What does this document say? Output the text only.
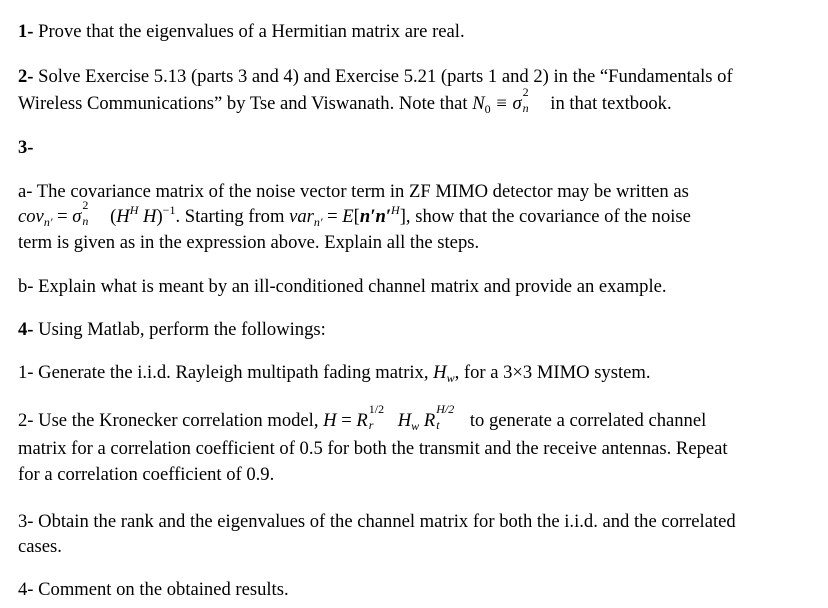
1- Prove that the eigenvalues of a Hermitian matrix are real.
2- Solve Exercise 5.13 (parts 3 and 4) and Exercise 5.21 (parts 1 and 2) in the “Fundamentals of
Wireless Communications” by Tse and Viswanath. Note that $N_0 \equiv \sigma$
2
n in that textbook.
3-
a- The covariance matrix of the noise vector term in ZF MIMO detector may be written as
cov$_{n'}$ = σ
2
n ($H^H$ H)$^{-1}$. Starting from $var_{n'} = E[n'n'^H]$, show that the covariance of the noise
term is given as in the expression above. Explain all the steps.
b- Explain what is meant by an ill-conditioned channel matrix and provide an example.
4- Using Matlab, perform the followings:
1- Generate the i.i.d. Rayleigh multipath fading matrix, $H_w$, for a 3×3 MIMO system.
2- Use the Kronecker correlation model, H = R
1/2
r $H_w$ R
H/2
t to generate a correlated channel
matrix for a correlation coefficient of 0.5 for both the transmit and the receive antennas. Repeat
for a correlation coefficient of 0.9.
3- Obtain the rank and the eigenvalues of the channel matrix for both the i.i.d. and the correlated
cases.
4- Comment on the obtained results.
